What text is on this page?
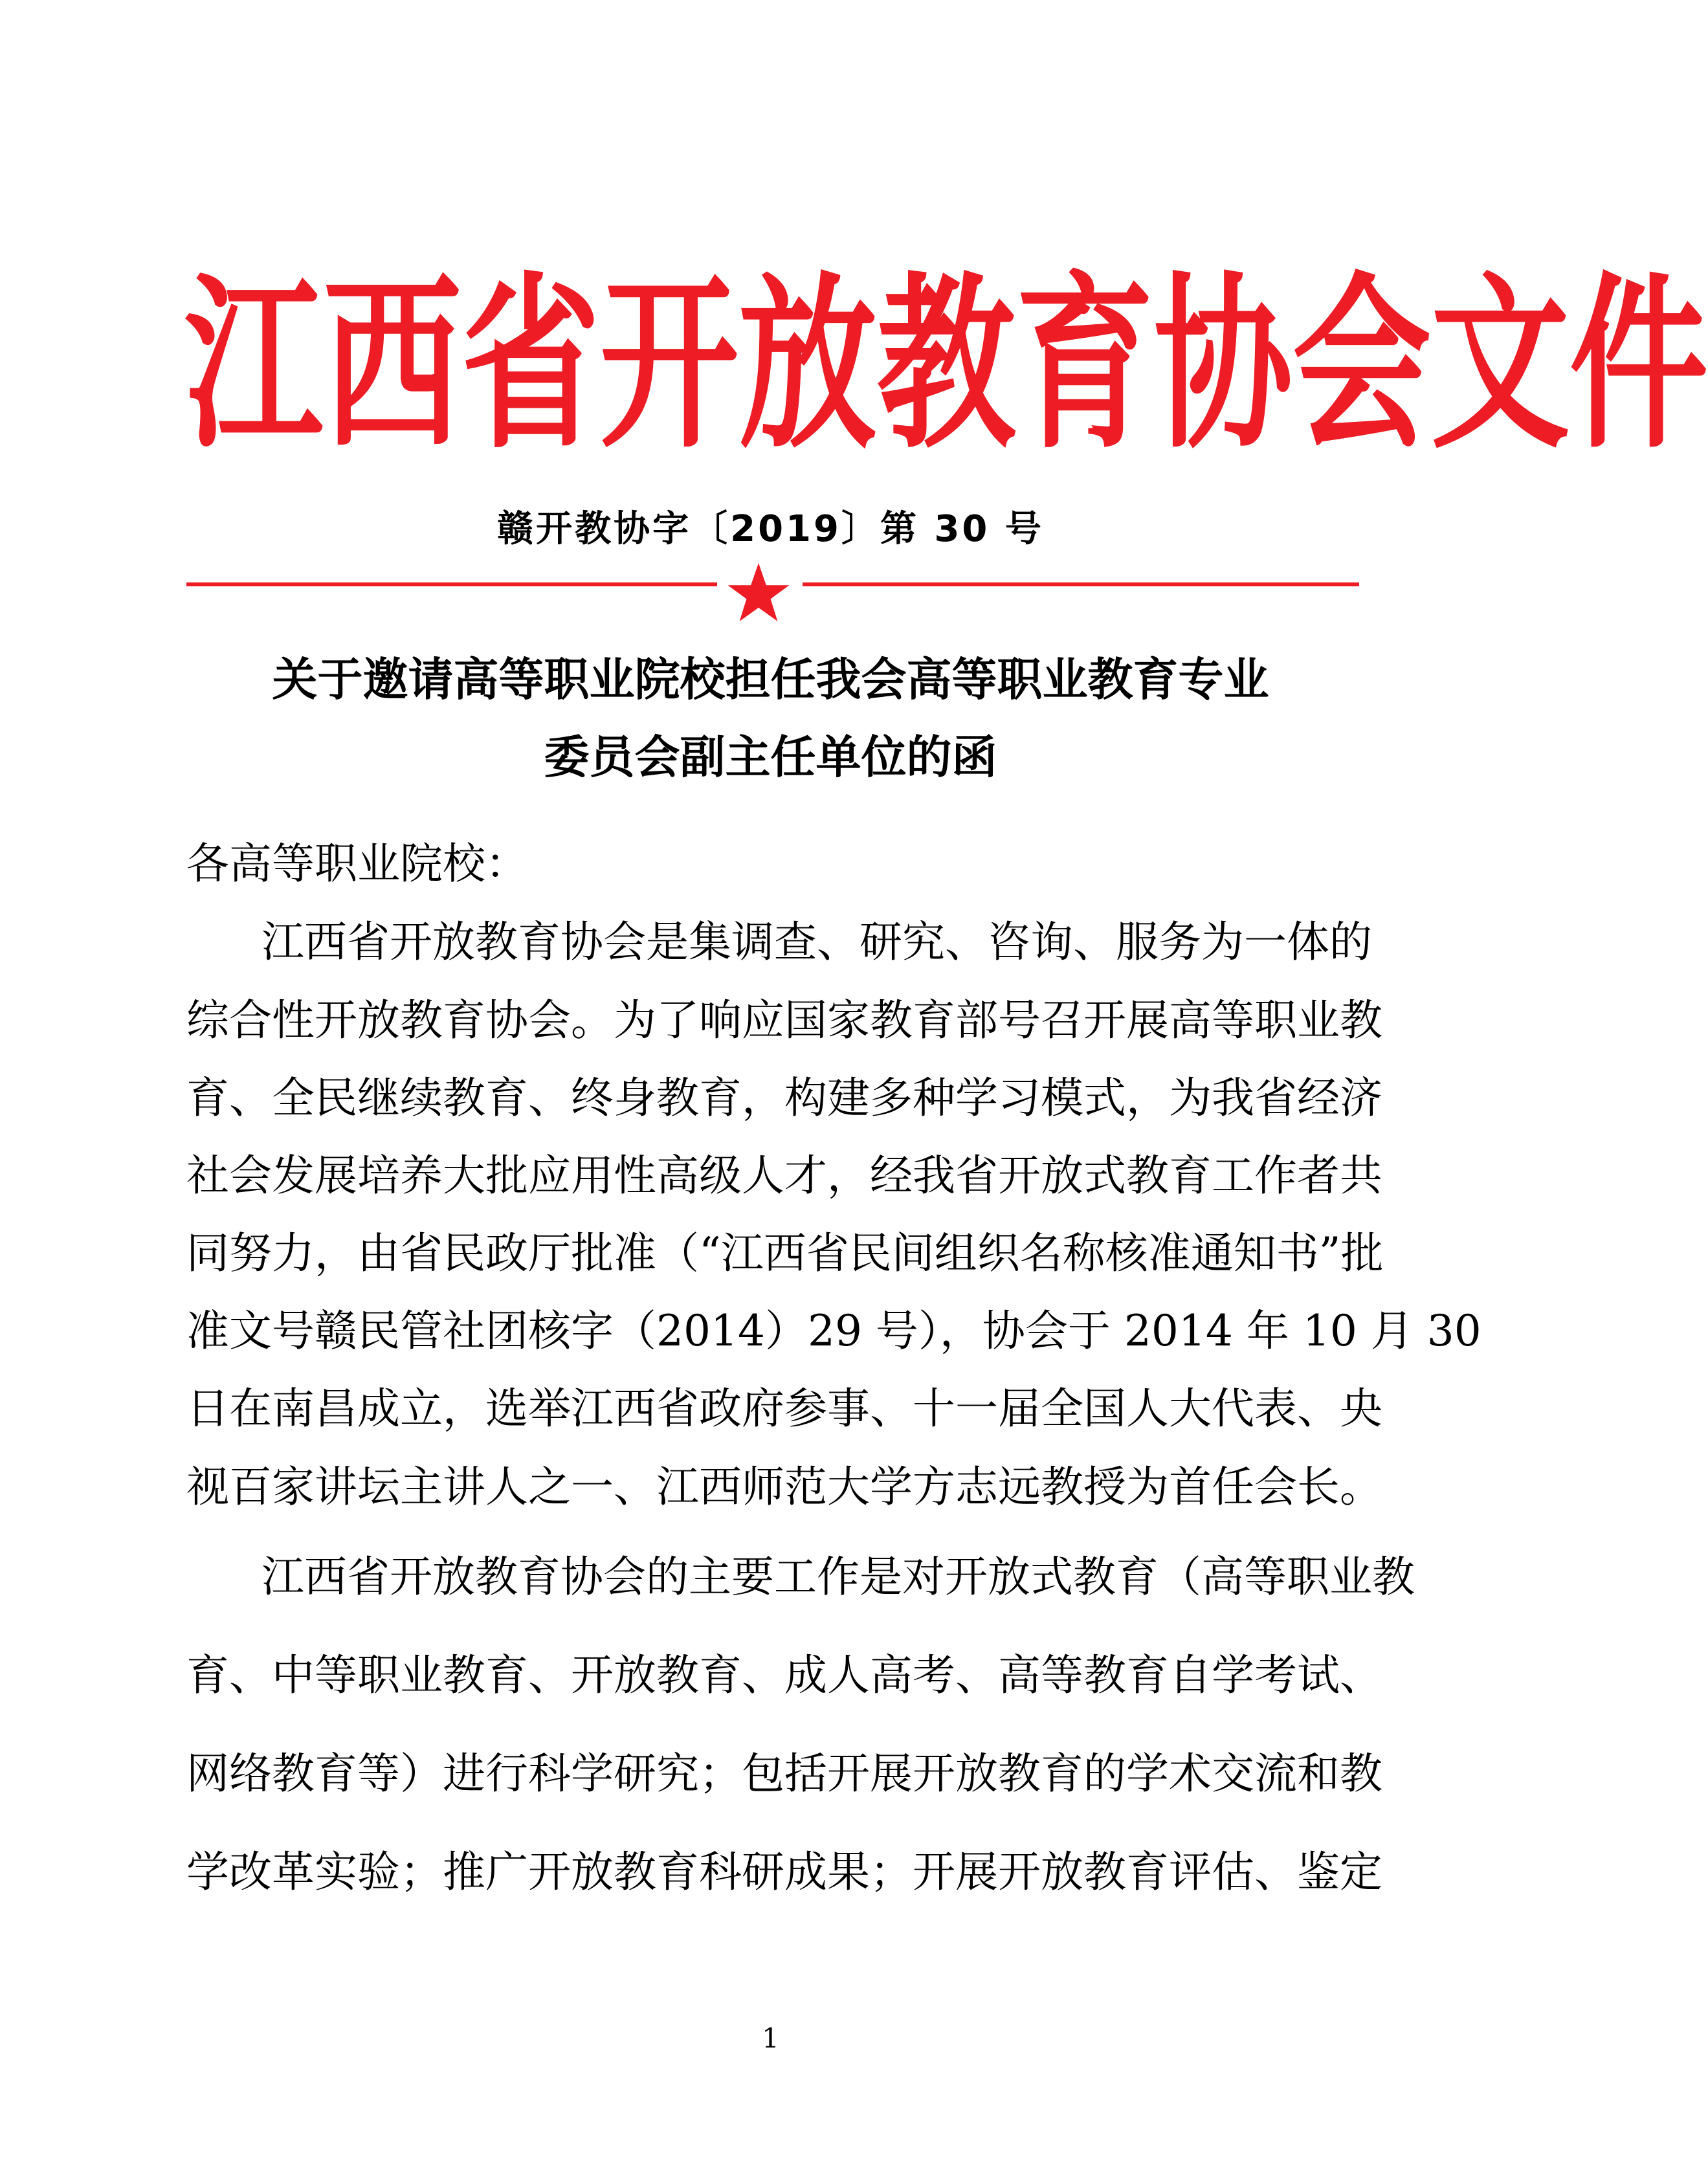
江 西 省 开 放 教 育 协 会 文 件
赣开教协字〔2019〕第 30 号
关于邀请高等职业院校担任我会高等职业教育专业
委员会副主任单位的函
各高等职业院校：
江西省开放教育协会是集调查、研究、咨询、服务为一体的
综合性开放教育协会。为了响应国家教育部号召开展高等职业教
育、全民继续教育、终身教育，构建多种学习模式，为我省经济
社会发展培养大批应用性高级人才，经我省开放式教育工作者共
同努力，由省民政厅批准（“江西省民间组织名称核准通知书”批
准文号赣民管社团核字（2014）29 号），协会于 2014 年 10 月 30
日在南昌成立，选举江西省政府参事、十一届全国人大代表、央
视百家讲坛主讲人之一、江西师范大学方志远教授为首任会长。
江西省开放教育协会的主要工作是对开放式教育（高等职业教
育、中等职业教育、开放教育、成人高考、高等教育自学考试、
网络教育等）进行科学研究；包括开展开放教育的学术交流和教
学改革实验；推广开放教育科研成果；开展开放教育评估、鉴定
1
